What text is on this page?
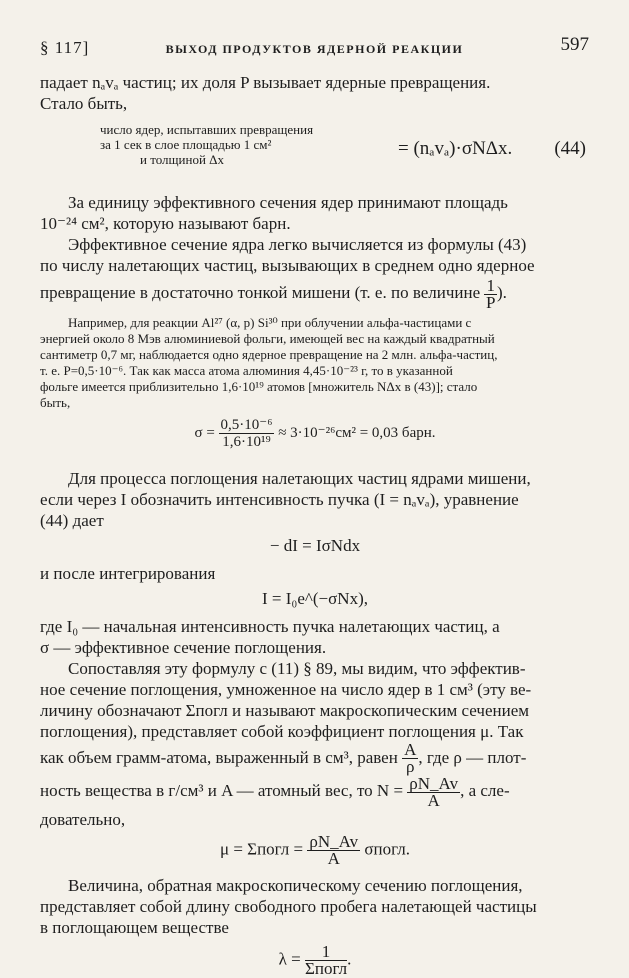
§ 117]	ВЫХОД ПРОДУКТОВ ЯДЕРНОЙ РЕАКЦИИ	597

падает nₐvₐ частиц; их доля P вызывает ядерные превращения.

Стало быть,

число ядер, испытавших превращения
за 1 сек в слое площадью 1 см²
и толщиной Δx
= (nₐvₐ)·σNΔx. (44)

За единицу эффективного сечения ядер принимают площадь

10⁻²⁴ см², которую называют барн.

Эффективное сечение ядра легко вычисляется из формулы (43)

по числу налетающих частиц, вызывающих в среднем одно ядерное

превращение в достаточно тонкой мишени (т. е. по величине $\frac{1}{P}$ ).

Например, для реакции Al²⁷ (α, p) Si³⁰ при облучении альфа-частицами с

энергией около 8 Мэв алюминиевой фольги, имеющей вес на каждый квадратный

сантиметр 0,7 мг, наблюдается одно ядерное превращение на 2 млн. альфа-частиц,

т. е. P=0,5·10⁻⁶. Так как масса атома алюминия 4,45·10⁻²³ г, то в указанной

фольге имеется приблизительно 1,6·10¹⁹ атомов [множитель NΔx в (43)]; стало

быть,

$\sigma = \frac{\text{0,5·10⁻⁶}}{\text{1,6·10¹⁹}} \approx 3\cdot 10^{-26}см^2 = 0,03$ барн.

Для процесса поглощения налетающих частиц ядрами мишени,

если через I обозначить интенсивность пучка (I = nₐvₐ), уравнение

(44) дает

− dI = IσNdx

и после интегрирования

I = I₀e^(−σNx),

где I₀ — начальная интенсивность пучка налетающих частиц, а

σ — эффективное сечение поглощения.

Сопоставляя эту формулу с (11) § 89, мы видим, что эффектив-

ное сечение поглощения, умноженное на число ядер в 1 см³ (эту ве-

личину обозначают Σпогл и называют макроскопическим сечением

поглощения), представляет собой коэффициент поглощения μ. Так

как объем грамм-атома, выраженный в см³, равен $\frac{A}{\rho}$ , где ρ — плот-

ность вещества в г/см³ и A — атомный вес, то $N = \frac{\rho N\_Av}{A}$ , а сле-

довательно,

μ = Σпогл = $\frac{\rho N\_Av}{A}$ σпогл.

Величина, обратная макроскопическому сечению поглощения,

представляет собой длину свободного пробега налетающей частицы

в поглощающем веществе

$\lambda = \frac{1}{\text{Σпогл}}$ .
